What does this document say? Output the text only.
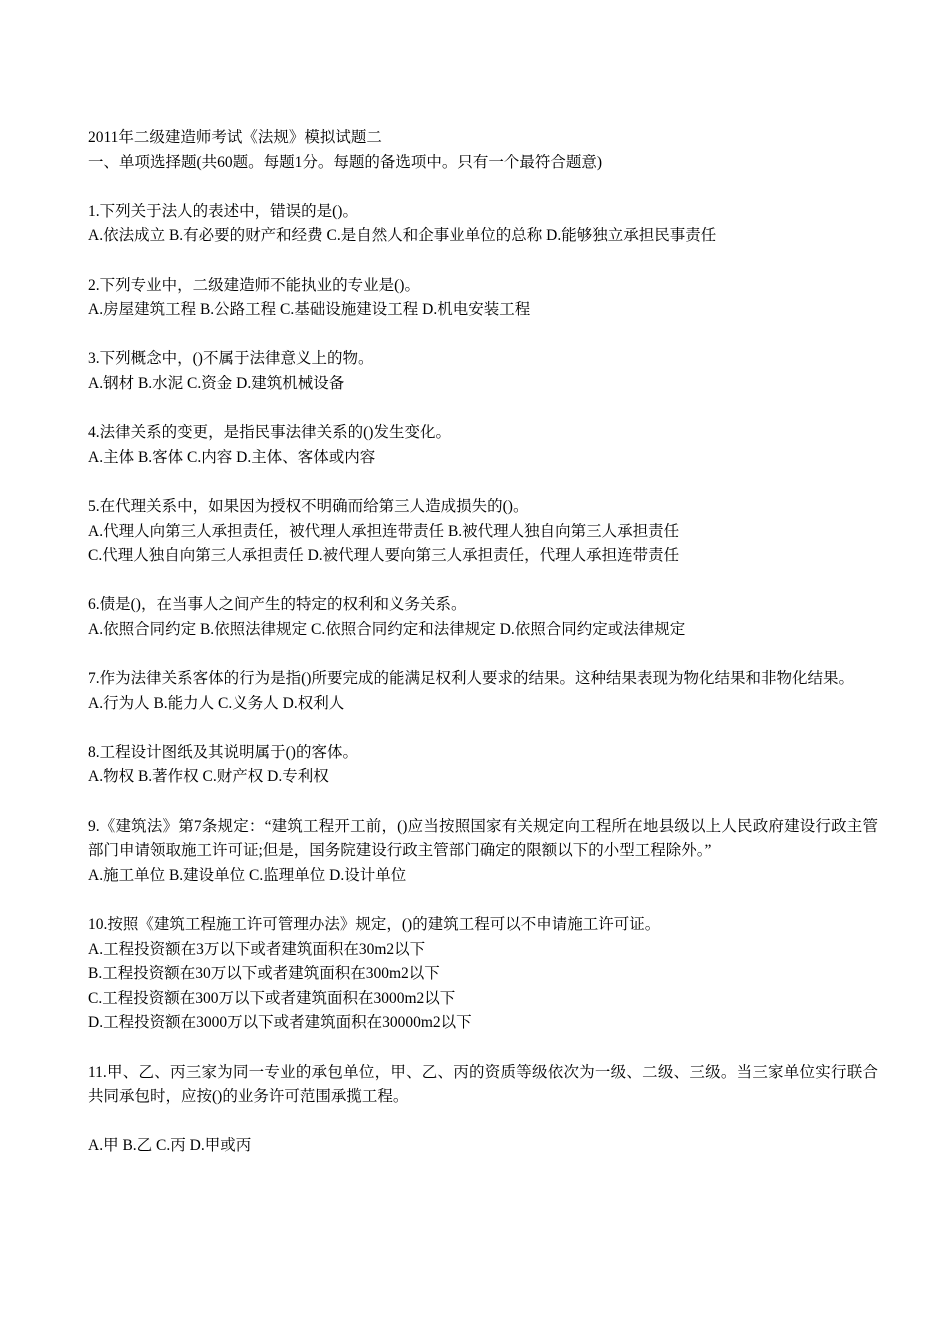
2011年二级建造师考试《法规》模拟试题二
一、单项选择题(共60题。每题1分。每题的备选项中。只有一个最符合题意)
1.下列关于法人的表述中，错误的是()。
A.依法成立 B.有必要的财产和经费 C.是自然人和企事业单位的总称 D.能够独立承担民事责任
2.下列专业中，二级建造师不能执业的专业是()。
A.房屋建筑工程 B.公路工程 C.基础设施建设工程 D.机电安装工程
3.下列概念中，()不属于法律意义上的物。
A.钢材 B.水泥 C.资金 D.建筑机械设备
4.法律关系的变更，是指民事法律关系的()发生变化。
A.主体 B.客体 C.内容 D.主体、客体或内容
5.在代理关系中，如果因为授权不明确而给第三人造成损失的()。
A.代理人向第三人承担责任，被代理人承担连带责任 B.被代理人独自向第三人承担责任
C.代理人独自向第三人承担责任 D.被代理人要向第三人承担责任，代理人承担连带责任
6.债是()，在当事人之间产生的特定的权利和义务关系。
A.依照合同约定 B.依照法律规定 C.依照合同约定和法律规定 D.依照合同约定或法律规定
7.作为法律关系客体的行为是指()所要完成的能满足权利人要求的结果。这种结果表现为物化结果和非物化结果。
A.行为人 B.能力人 C.义务人 D.权利人
8.工程设计图纸及其说明属于()的客体。
A.物权 B.著作权 C.财产权 D.专利权
9.《建筑法》第7条规定：“建筑工程开工前，()应当按照国家有关规定向工程所在地县级以上人民政府建设行政主管部门申请领取施工许可证;但是，国务院建设行政主管部门确定的限额以下的小型工程除外。”
A.施工单位 B.建设单位 C.监理单位 D.设计单位
10.按照《建筑工程施工许可管理办法》规定，()的建筑工程可以不申请施工许可证。
A.工程投资额在3万以下或者建筑面积在30m2以下
B.工程投资额在30万以下或者建筑面积在300m2以下
C.工程投资额在300万以下或者建筑面积在3000m2以下
D.工程投资额在3000万以下或者建筑面积在30000m2以下
11.甲、乙、丙三家为同一专业的承包单位，甲、乙、丙的资质等级依次为一级、二级、三级。当三家单位实行联合共同承包时，应按()的业务许可范围承揽工程。
A.甲 B.乙 C.丙 D.甲或丙
